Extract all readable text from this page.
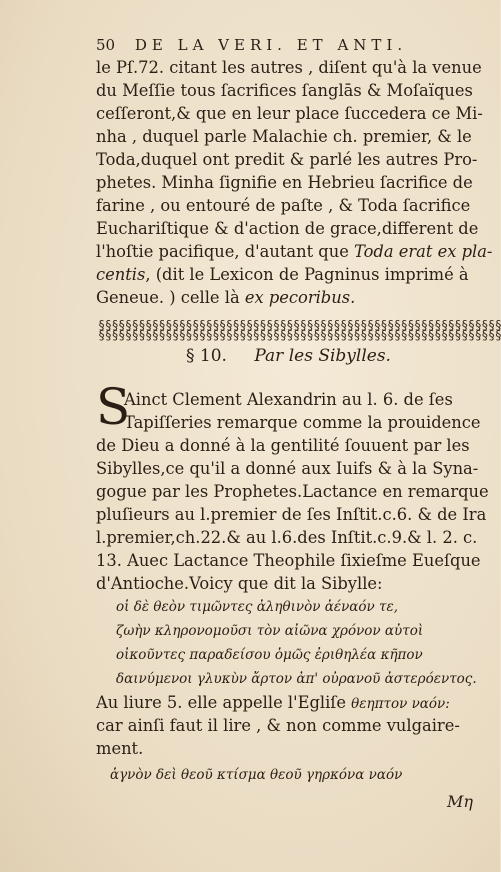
50 DE LA VERI. ET ANTI.
le Pſ.72. citant les autres , diſent qu'à la venue
du Meſſie tous ſacrifices ſanglās & Moſaïques
ceſſeront,& que en leur place ſuccedera ce Mi-
nha , duquel parle Malachie ch. premier, & le
Toda,duquel ont predit & parlé les autres Pro-
phetes. Minha ſignifie en Hebrieu ſacrifice de
farine , ou entouré de paſte , & Toda ſacrifice
Euchariſtique & d'action de grace,different de
l'hoſtie pacifique, d'autant que Toda erat ex pla-
centis, (dit le Lexicon de Pagninus imprimé à
Geneue. ) celle là ex pecoribus.
§§§§§§§§§§§§§§§§§§§§§§§§§§§§§§§§§§§§§§§§§§§§§§§§§§§§§§§§§§§§
§§§§§§§§§§§§§§§§§§§§§§§§§§§§§§§§§§§§§§§§§§§§§§§§§§§§§§§§§§§§
§ 10. Par les Sibylles.
S
Ainct Clement Alexandrin au l. 6. de ſes
Tapiſſeries remarque comme la prouidence
de Dieu a donné à la gentilité ſouuent par les
Sibylles,ce qu'il a donné aux Iuifs & à la Syna-
gogue par les Prophetes.Lactance en remarque
pluſieurs au l.premier de ſes Inſtit.c.6. & de Ira
l.premier,ch.22.& au l.6.des Inſtit.c.9.& l. 2. c.
13. Auec Lactance Theophile ſixieſme Eueſque
d'Antioche.Voicy que dit la Sibylle:
οἱ δὲ θεὸν τιμῶντες ἀληθινὸν ἀέναόν τε,
ζωὴν κληρονομοῦσι τὸν αἰῶνα χρόνον αὐτοὶ
οἰκοῦντες παραδείσου ὁμῶς ἐριθηλέα κῆπον
δαινύμενοι γλυκὺν ἄρτον ἀπ' οὐρανοῦ ἀστερόεντος.
Au liure 5. elle appelle l'Egliſe θεηπτον ναόν:
car ainſi faut il lire , & non comme vulgaire-
ment.
ἁγνὸν δεὶ θεοῦ κτίσμα θεοῦ γηρκόνα ναόν
Μη
